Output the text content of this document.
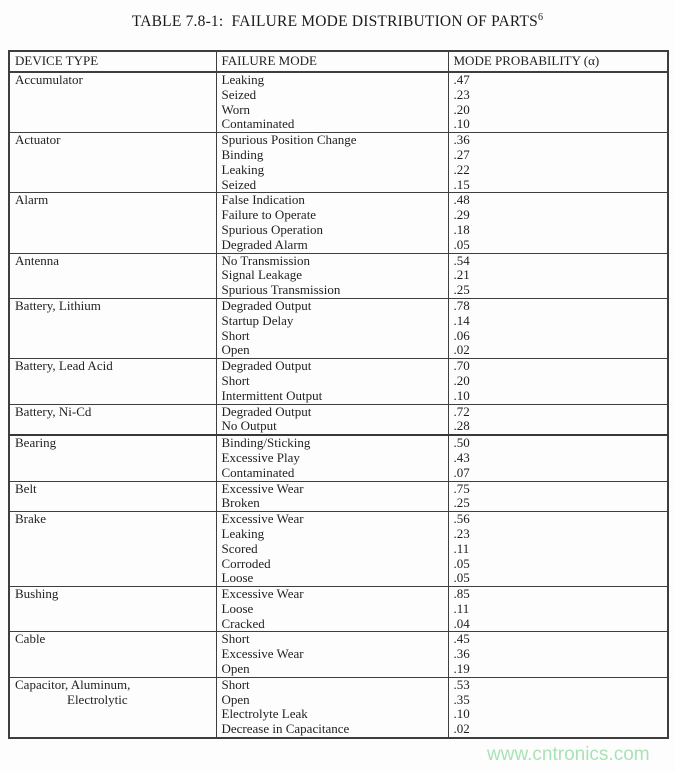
TABLE 7.8-1:  FAILURE MODE DISTRIBUTION OF PARTS$^6$
DEVICE TYPE	FAILURE MODE	MODE PROBABILITY (α)

Accumulator	Leaking	.47
	Seized	.23
	Worn	.20
	Contaminated	.10

Actuator	Spurious Position Change	.36
	Binding	.27
	Leaking	.22
	Seized	.15

Alarm	False Indication	.48
	Failure to Operate	.29
	Spurious Operation	.18
	Degraded Alarm	.05

Antenna	No Transmission	.54
	Signal Leakage	.21
	Spurious Transmission	.25

Battery, Lithium	Degraded Output	.78
	Startup Delay	.14
	Short	.06
	Open	.02

Battery, Lead Acid	Degraded Output	.70
	Short	.20
	Intermittent Output	.10

Battery, Ni-Cd	Degraded Output	.72
	No Output	.28

Bearing	Binding/Sticking	.50
	Excessive Play	.43
	Contaminated	.07

Belt	Excessive Wear	.75
	Broken	.25

Brake	Excessive Wear	.56
	Leaking	.23
	Scored	.11
	Corroded	.05
	Loose	.05

Bushing	Excessive Wear	.85
	Loose	.11
	Cracked	.04

Cable	Short	.45
	Excessive Wear	.36
	Open	.19

Capacitor, Aluminum,
Electrolytic	Short	.53
	Open	.35
	Electrolyte Leak	.10
	Decrease in Capacitance	.02
www.cntronics.com
